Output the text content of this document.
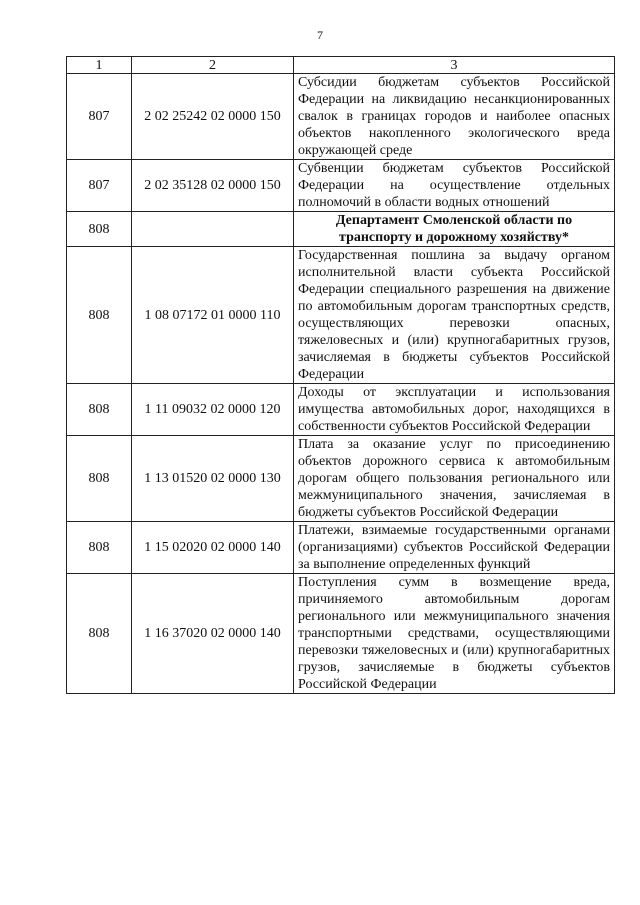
7
1	2	3
807	2 02 25242 02 0000 150	Субсидии бюджетам субъектов Российской Федерации на ликвидацию несанкционированных свалок в границах городов и наиболее опасных объектов накопленного экологического вреда окружающей среде
807	2 02 35128 02 0000 150	Субвенции бюджетам субъектов Российской Федерации на осуществление отдельных полномочий в области водных отношений
808		Департамент Смоленской области по транспорту и дорожному хозяйству*
808	1 08 07172 01 0000 110	Государственная пошлина за выдачу органом исполнительной власти субъекта Российской Федерации специального разрешения на движение по автомобильным дорогам транспортных средств, осуществляющих перевозки опасных, тяжеловесных и (или) крупногабаритных грузов, зачисляемая в бюджеты субъектов Российской Федерации
808	1 11 09032 02 0000 120	Доходы от эксплуатации и использования имущества автомобильных дорог, находящихся в собственности субъектов Российской Федерации
808	1 13 01520 02 0000 130	Плата за оказание услуг по присоединению объектов дорожного сервиса к автомобильным дорогам общего пользования регионального или межмуниципального значения, зачисляемая в бюджеты субъектов Российской Федерации
808	1 15 02020 02 0000 140	Платежи, взимаемые государственными органами (организациями) субъектов Российской Федерации за выполнение определенных функций
808	1 16 37020 02 0000 140	Поступления сумм в возмещение вреда, причиняемого автомобильным дорогам регионального или межмуниципального значения транспортными средствами, осуществляющими перевозки тяжеловесных и (или) крупногабаритных грузов, зачисляемые в бюджеты субъектов Российской Федерации
